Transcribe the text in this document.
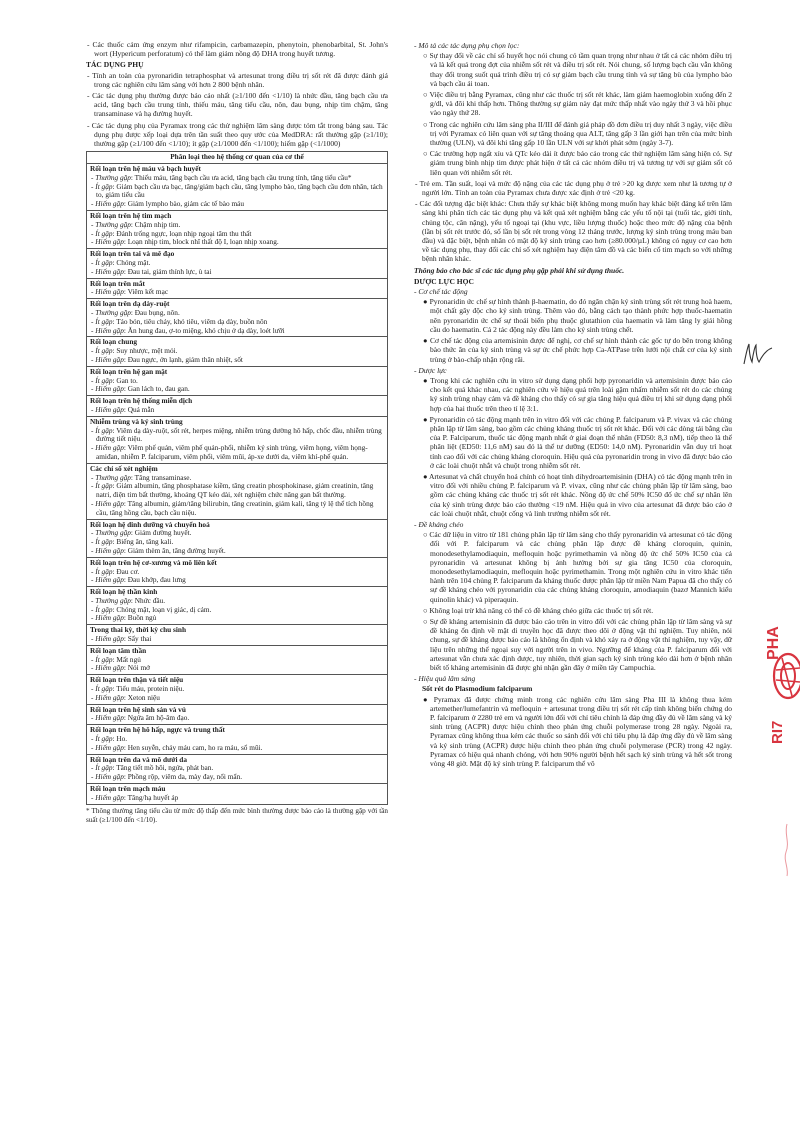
- Các thuốc cảm ứng enzym như rifampicin, carbamazepin, phenytoin, phenobarbital, St. John's wort (Hypericum perforatum) có thể làm giảm nồng độ DHA trong huyết tương.

TÁC DỤNG PHỤ

- Tính an toàn của pyronaridin tetraphosphat và artesunat trong điều trị sốt rét đã được đánh giá trong các nghiên cứu lâm sàng với hơn 2 800 bệnh nhân.

- Các tác dụng phụ thường được báo cáo nhất (≥1/100 đến <1/10) là nhức đầu, tăng bạch cầu ưa acid, tăng bạch cầu trung tính, thiếu máu, tăng tiểu cầu, nôn, đau bụng, nhịp tim chậm, tăng transaminase và hạ đường huyết.

- Các tác dụng phụ của Pyramax trong các thử nghiệm lâm sàng được tóm tắt trong bảng sau. Tác dụng phụ được xếp loại dựa trên tần suất theo quy ước của MedDRA: rất thường gặp (≥1/10); thường gặp (≥1/100 đến <1/10); ít gặp (≥1/1000 đến <1/100); hiếm gặp (<1/1000)

Phân loại theo hệ thống cơ quan của cơ thể

Rối loạn trên hệ máu và bạch huyết
- Thường gặp: Thiếu máu, tăng bạch cầu ưa acid, tăng bạch cầu trung tính, tăng tiểu cầu*
- Ít gặp: Giảm bạch cầu ưa bạc, tăng/giảm bạch cầu, tăng lympho bào, tăng bạch cầu đơn nhân, tách to, giảm tiểu cầu
- Hiếm gặp: Giảm lympho bào, giảm các tế bào máu

Rối loạn trên hệ tim mạch
- Thường gặp: Chậm nhịp tim.
- Ít gặp: Đánh trống ngực, loạn nhịp ngoại tâm thu thất
- Hiếm gặp: Loạn nhịp tim, block nhĩ thất độ I, loạn nhịp xoang.

Rối loạn trên tai và mê đạo
- Ít gặp: Chóng mặt.
- Hiếm gặp: Đau tai, giảm thính lực, ù tai

Rối loạn trên mắt
- Hiếm gặp: Viêm kết mạc

Rối loạn trên dạ dày-ruột
- Thường gặp: Đau bụng, nôn.
- Ít gặp: Táo bón, tiêu chảy, khó tiêu, viêm dạ dày, buồn nôn
- Hiếm gặp: Ăn hung đau, ợ-to miệng, khó chịu ở dạ dày, loét lưỡi

Rối loạn chung
- Ít gặp: Suy nhược, mệt mỏi.
- Hiếm gặp: Đau ngực, ớn lạnh, giảm thân nhiệt, sốt

Rối loạn trên hệ gan mật
- Ít gặp: Gan to.
- Hiếm gặp: Gan lách to, đau gan.

Rối loạn trên hệ thống miễn dịch
- Hiếm gặp: Quá mẫn

Nhiễm trùng và ký sinh trùng
- Ít gặp: Viêm dạ dày-ruột, sốt rét, herpes miệng, nhiễm trùng đường hô hấp, chốc đầu, nhiễm trùng đường tiết niệu.
- Hiếm gặp: Viêm phế quản, viêm phế quản-phổi, nhiễm ký sinh trùng, viêm họng, viêm họng-amiđan, nhiễm P. falciparum, viêm phổi, viêm mũi, áp-xe dưới da, viêm khí-phế quản.

Các chỉ số xét nghiệm
- Thường gặp: Tăng transaminase.
- Ít gặp: Giảm albumin, tăng phosphatase kiềm, tăng creatin phosphokinase, giảm creatinin, tăng natri, điện tim bất thường, khoảng QT kéo dài, xét nghiệm chức năng gan bất thường.
- Hiếm gặp: Tăng albumin, giảm/tăng bilirubin, tăng creatinin, giảm kali, tăng tỷ lệ thể tích hồng cầu, tăng hồng cầu, bạch cầu niệu.

Rối loạn hệ dinh dưỡng và chuyển hoá
- Thường gặp: Giảm đường huyết.
- Ít gặp: Biếng ăn, tăng kali.
- Hiếm gặp: Giảm thèm ăn, tăng đường huyết.

Rối loạn trên hệ cơ-xương và mô liên kết
- Ít gặp: Đau cơ.
- Hiếm gặp: Đau khớp, đau lưng

Rối loạn hệ thần kinh
- Thường gặp: Nhức đầu.
- Ít gặp: Chóng mặt, loạn vị giác, dị cảm.
- Hiếm gặp: Buồn ngủ

Trong thai kỳ, thời kỳ chu sinh
- Hiếm gặp: Sẩy thai

Rối loạn tâm thần
- Ít gặp: Mất ngủ
- Hiếm gặp: Nói mớ

Rối loạn trên thận và tiết niệu
- Ít gặp: Tiểu máu, protein niệu.
- Hiếm gặp: Xeton niệu

Rối loạn trên hệ sinh sản và vú
- Hiếm gặp: Ngứa âm hộ-âm đạo.

Rối loạn trên hệ hô hấp, ngực và trung thất
- Ít gặp: Ho.
- Hiếm gặp: Hen suyễn, chảy máu cam, ho ra máu, sổ mũi.

Rối loạn trên da và mô dưới da
- Ít gặp: Tăng tiết mồ hôi, ngứa, phát ban.
- Hiếm gặp: Phồng rộp, viêm da, mày đay, nổi mẩn.

Rối loạn trên mạch máu
- Hiếm gặp: Tăng/hạ huyết áp

* Thông thường tăng tiểu cầu từ mức độ thấp đến mức bình thường được báo cáo là thường gặp với tần suất (≥1/100 đến <1/10).

- Mô tả các tác dụng phụ chọn lọc:

○ Sự thay đổi về các chỉ số huyết học nói chung có tầm quan trọng như nhau ở tất cả các nhóm điều trị và là kết quả trong đợt của nhiễm sốt rét và điều trị sốt rét. Nói chung, số lượng bạch cầu vẫn không thay đổi trong suốt quá trình điều trị có sự giảm bạch cầu trung tính và sự tăng bù của lympho bào và bạch cầu ái toan.

○ Việc điều trị bằng Pyramax, cũng như các thuốc trị sốt rét khác, làm giảm haemoglobin xuống đến 2 g/dl, và đôi khi thấp hơn. Thông thường sự giảm này đạt mức thấp nhất vào ngày thứ 3 và hồi phục vào ngày thứ 28.

○ Trong các nghiên cứu lâm sàng pha II/III để đánh giá pháp đồ đơn điều trị duy nhất 3 ngày, việc điều trị với Pyramax có liên quan với sự tăng thoáng qua ALT, tăng gấp 3 lần giới hạn trên của mức bình thường (ULN), và đôi khi tăng gấp 10 lần ULN với sự khởi phát sớm (ngày 3-7).

○ Các trường hợp ngất xỉu và QTc kéo dài ít được báo cáo trong các thử nghiệm lâm sàng hiện có. Sự giảm trung bình nhịp tim được phát hiện ở tất cả các nhóm điều trị và tương tự với sự giảm sốt có liên quan với nhiễm sốt rét.

- Trẻ em. Tần suất, loại và mức độ nặng của các tác dụng phụ ở trẻ >20 kg được xem như là tương tự ở người lớn. Tính an toàn của Pyramax chưa được xác định ở trẻ <20 kg.

- Các đối tượng đặc biệt khác: Chưa thấy sự khác biệt không mong muốn hay khác biệt đáng kể trên lâm sàng khi phân tích các tác dụng phụ và kết quả xét nghiệm bằng các yếu tố nội tại (tuổi tác, giới tính, chủng tộc, cân nặng), yếu tố ngoại tại (khu vực, liều lượng thuốc) hoặc theo mức độ nặng của bệnh (lần bị sốt rét trước đó, số lần bị sốt rét trong vòng 12 tháng trước, lượng ký sinh trùng trong máu ban đầu) và đặc biệt, bệnh nhân có mật độ ký sinh trùng cao hơn (≥80.000/µL) không có nguy cơ cao hơn về tác dụng phụ, thay đổi các chỉ số xét nghiệm hay điện tâm đồ và các biến cố tim mạch so với những bệnh nhân khác.

Thông báo cho bác sĩ các tác dụng phụ gặp phải khi sử dụng thuốc.

DƯỢC LỰC HỌC

- Cơ chế tác động

● Pyronaridin ức chế sự hình thành β-haematin, do đó ngăn chặn ký sinh trùng sốt rét trung hoà haem, một chất gây độc cho ký sinh trùng. Thêm vào đó, bằng cách tạo thành phức hợp thuốc-haematin nên pyronaridin ức chế sự thoái biến phụ thuộc glutathion của haematin và làm tăng ly giải hồng cầu do haematin. Cả 2 tác động này đều làm cho ký sinh trùng chết.

● Cơ chế tác động của artemisinin được để nghị, cơ chế sự hình thành các gốc tự do bên trong không bào thức ăn của ký sinh trùng và sự ức chế phức hợp Ca-ATPase trên lưới nội chất cơ của ký sinh trùng ở bào-chấp nhận rộng rãi.

- Dược lực

● Trong khi các nghiên cứu in vitro sử dụng dạng phối hợp pyronaridin và artemisinin được báo cáo cho kết quả khác nhau, các nghiên cứu về hiệu quả trên loài gặm nhấm nhiễm sốt rét do các chủng ký sinh trùng nhạy cảm và đề kháng cho thấy có sự gia tăng hiệu quả điều trị khi sử dụng dạng phối hợp của hai thuốc trên theo tỉ lệ 3:1.

● Pyronaridin có tác động mạnh trên in vitro đối với các chủng P. falciparum và P. vivax và các chủng phân lập từ lâm sàng, bao gồm các chủng kháng thuốc trị sốt rét khác. Đối với các dòng tái bằng cầu của P. Falciparum, thuốc tác động mạnh nhất ở giai đoạn thể nhân (FD50: 8,3 nM), tiếp theo là thể phân liệt (ED50: 11,6 nM) sau đó là thể tư dưỡng (ED50: 14,0 nM). Pyronaridin vẫn duy trì hoạt tính cao đối với các chủng kháng cloroquin. Hiệu quả của pyronaridin trong in vivo đã được báo cáo ở các loài chuột nhắt và chuột trong nhiễm sốt rét.

● Artesunat và chất chuyển hoá chính có hoạt tính dihydroartemisinin (DHA) có tác động mạnh trên in vitro đối với nhiều chủng P. falciparum và P. vivax, cũng như các chủng phân lập từ lâm sàng, bao gồm các chủng kháng các thuốc trị sốt rét khác. Nồng độ ức chế 50% IC50 đố ức chế sự nhân lên của ký sinh trùng được báo cáo thường <19 nM. Hiệu quả in vivo của artesunat đã được báo cáo ở các loài chuột nhắt, chuột cống và linh trưởng nhiễm sốt rét.

- Đề kháng chéo

○ Các dữ liệu in vitro từ 181 chủng phân lập từ lâm sàng cho thấy pyronaridin và artesunat có tác động đối với P. falciparum và các chủng phân lập được đề kháng cloroquin, quinin, monodesethylamodiaquin, mefloquin hoặc pyrimethamin và nồng độ ức chế 50% IC50 của cả pyronaridin và artesunat không bị ảnh hưởng bởi sự gia tăng IC50 của cloroquin, monodesethylamodiaquin, mefloquin hoặc pyrimethamin. Trong một nghiên cứu in vitro khác tiến hành trên 104 chủng P. falciparum đa kháng thuốc được phân lập từ miền Nam Papua đã cho thấy có sự đề kháng chéo với pyronaridin của các chủng kháng cloroquin, amodiaquin (bazơ Mannich kiểu quinolin khác) và piperaquin.

○ Không loại trừ khả năng có thể có đề kháng chéo giữa các thuốc trị sốt rét.

○ Sự đề kháng artemisinin đã được báo cáo trên in vitro đối với các chủng phân lập từ lâm sàng và sự đề kháng ổn định về mặt di truyền học đã được theo dõi ở động vật thí nghiệm. Tuy nhiên, nói chung, sự đề kháng được báo cáo là không ổn định và khó xảy ra ở động vật thí nghiệm, tuy vậy, dữ liệu trên những thể ngoại suy với người trên in vivo. Ngưỡng để kháng của P. falciparum đối với artesunat vẫn chưa xác định được, tuy nhiên, thời gian sạch ký sinh trùng kéo dài hơn ở bệnh nhân biết tố kháng artemisinin đã được ghi nhận gần đây ở miền tây Campuchia.

- Hiệu quả lâm sàng

Sốt rét do Plasmodium falciparum

● Pyramax đã được chứng minh trong các nghiên cứu lâm sàng Pha III là không thua kém artemether/lumefantrin và mefloquin + artesunat trong điều trị sốt rét cấp tính không biến chứng do P. falciparum ở 2280 trẻ em và người lớn đối với chỉ tiêu chính là đáp ứng đầy đủ về lâm sàng và ký sinh trùng (ACPR) được hiệu chỉnh theo phản ứng chuỗi polymerase trong 28 ngày. Ngoài ra, Pyramax cũng không thua kém các thuốc so sánh đối với chỉ tiêu phụ là đáp ứng đầy đủ về lâm sàng và ký sinh trùng (ACPR) được hiệu chỉnh theo phản ứng chuỗi polymerase (PCR) trong 42 ngày. Pyramax có hiệu quả nhanh chóng, với hơn 90% người bệnh hết sạch ký sinh trùng và hết sốt trong vòng 48 giờ. Mật độ ký sinh trùng P. falciparum thể vô

PHA
RI7
